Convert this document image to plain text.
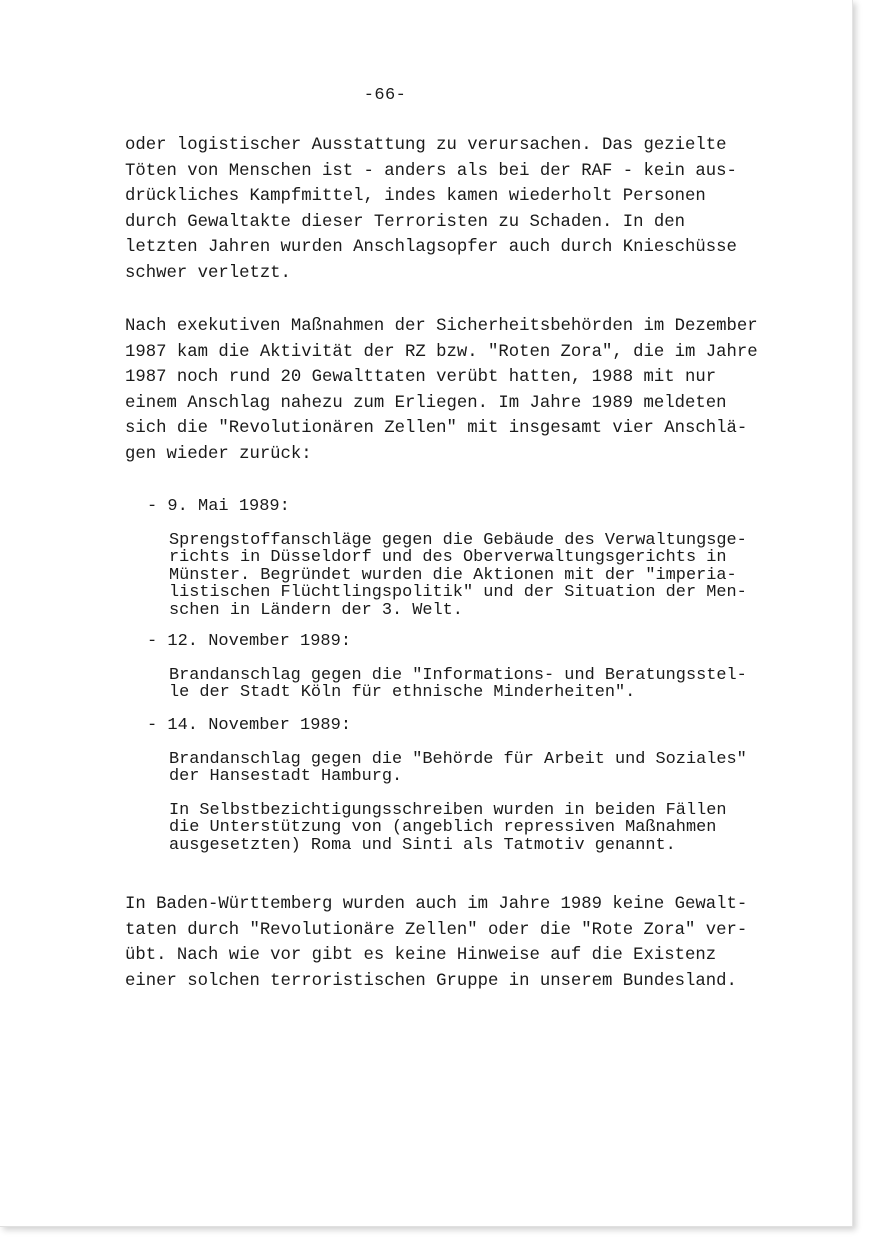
-66-
oder logistischer Ausstattung zu verursachen. Das gezielte
Töten von Menschen ist - anders als bei der RAF - kein aus-
drückliches Kampfmittel, indes kamen wiederholt Personen
durch Gewaltakte dieser Terroristen zu Schaden. In den
letzten Jahren wurden Anschlagsopfer auch durch Knieschüsse
schwer verletzt.
Nach exekutiven Maßnahmen der Sicherheitsbehörden im Dezember
1987 kam die Aktivität der RZ bzw. "Roten Zora", die im Jahre
1987 noch rund 20 Gewalttaten verübt hatten, 1988 mit nur
einem Anschlag nahezu zum Erliegen. Im Jahre 1989 meldeten
sich die "Revolutionären Zellen" mit insgesamt vier Anschlä-
gen wieder zurück:
- 9. Mai 1989:
Sprengstoffanschläge gegen die Gebäude des Verwaltungsge-
richts in Düsseldorf und des Oberverwaltungsgerichts in
Münster. Begründet wurden die Aktionen mit der "imperia-
listischen Flüchtlingspolitik" und der Situation der Men-
schen in Ländern der 3. Welt.
- 12. November 1989:
Brandanschlag gegen die "Informations- und Beratungsstel-
le der Stadt Köln für ethnische Minderheiten".
- 14. November 1989:
Brandanschlag gegen die "Behörde für Arbeit und Soziales"
der Hansestadt Hamburg.
In Selbstbezichtigungsschreiben wurden in beiden Fällen
die Unterstützung von (angeblich repressiven Maßnahmen
ausgesetzten) Roma und Sinti als Tatmotiv genannt.
In Baden-Württemberg wurden auch im Jahre 1989 keine Gewalt-
taten durch "Revolutionäre Zellen" oder die "Rote Zora" ver-
übt. Nach wie vor gibt es keine Hinweise auf die Existenz
einer solchen terroristischen Gruppe in unserem Bundesland.
